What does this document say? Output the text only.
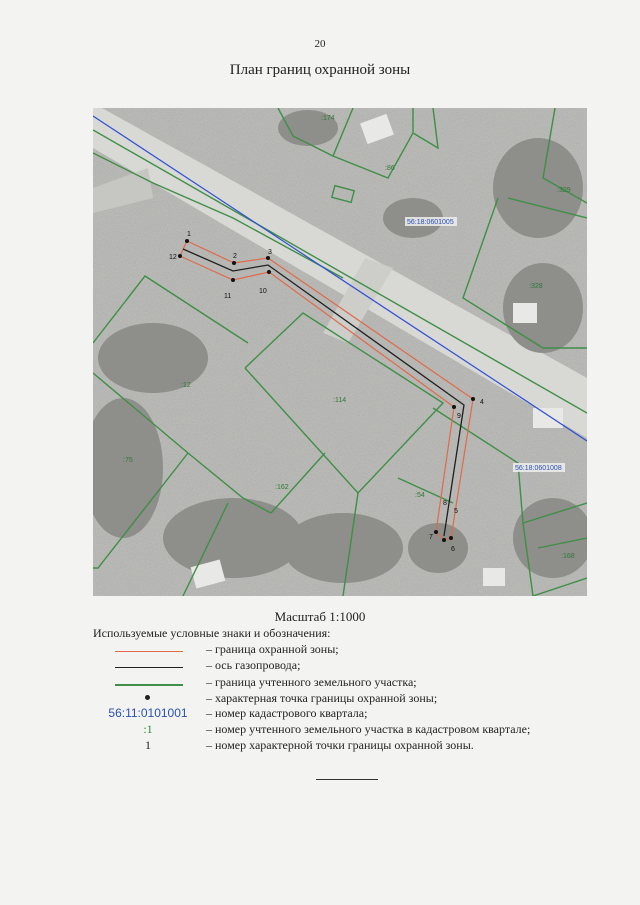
20
План границ охранной зоны
1
2
3
4
5
6
7
8
9
10
11
12
:174
:86
:329
:328
:12
:114
:75
:162
:54
:168
56:18:0601005
56:18:0601008
Масштаб 1:1000
Используемые условные знаки и обозначения:
– граница охранной зоны;
– ось газопровода;
– граница учтенного земельного участка;
– характерная точка границы охранной зоны;
56:11:0101001	– номер кадастрового квартала;
:1	– номер учтенного земельного участка в кадастровом квартале;
1	– номер характерной точки границы охранной зоны.
